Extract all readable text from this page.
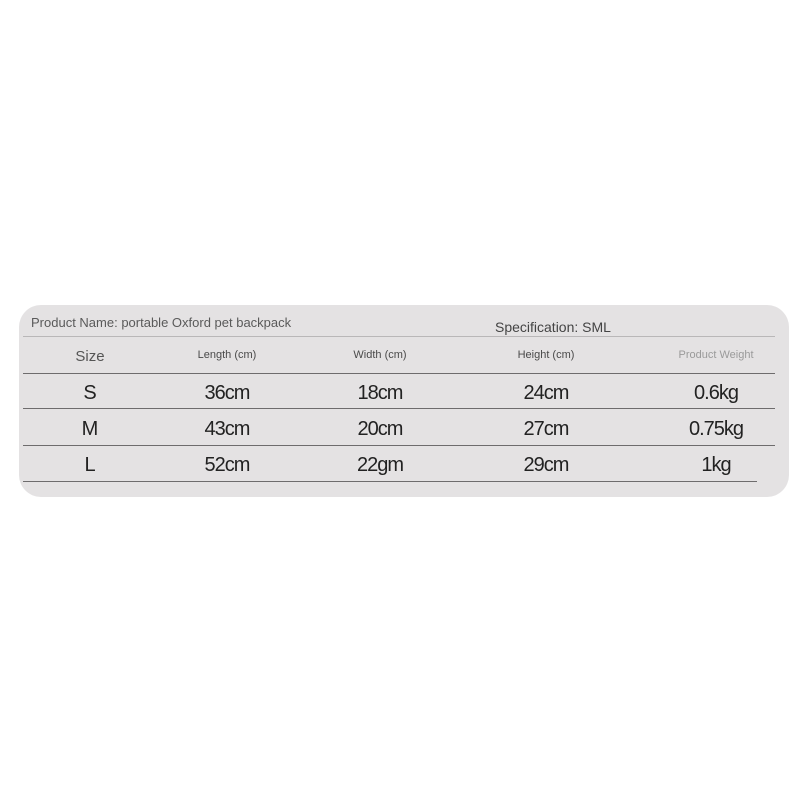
Product Name: portable Oxford pet backpack	Specification: SML
Size	Length (cm)	Width (cm)	Height (cm)	Product Weight
S	36cm	18cm	24cm	0.6kg
M	43cm	20cm	27cm	0.75kg
L	52cm	22gm	29cm	1kg
